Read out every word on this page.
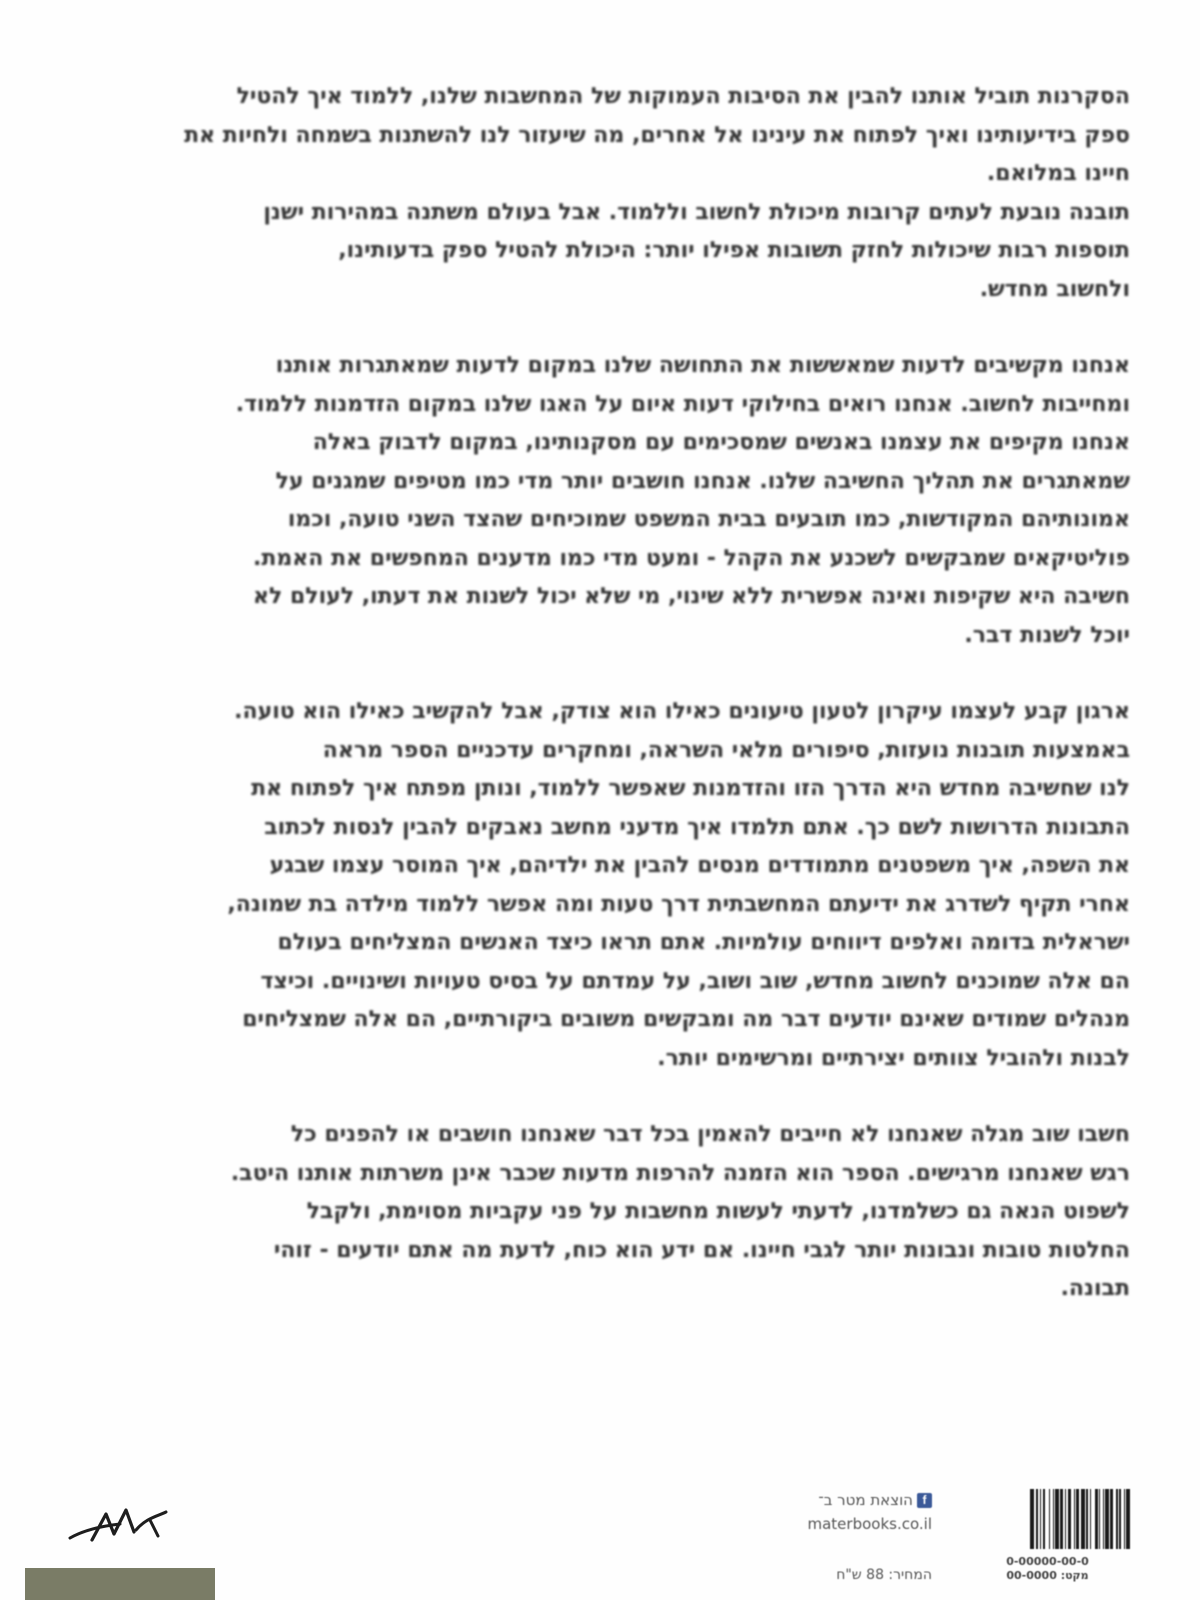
הסקרנות תוביל אותנו להבין את הסיבות העמוקות של המחשבות שלנו, ללמוד איך להטיל
ספק בידיעותינו ואיך לפתוח את עינינו אל אחרים, מה שיעזור לנו להשתנות בשמחה ולחיות את
חיינו במלואם.
תובנה נובעת לעתים קרובות מיכולת לחשוב וללמוד. אבל בעולם משתנה במהירות ישנן
תוספות רבות שיכולות לחזק תשובות אפילו יותר: היכולת להטיל ספק בדעותינו,
ולחשוב מחדש.
אנחנו מקשיבים לדעות שמאששות את התחושה שלנו במקום לדעות שמאתגרות אותנו
ומחייבות לחשוב. אנחנו רואים בחילוקי דעות איום על האגו שלנו במקום הזדמנות ללמוד.
אנחנו מקיפים את עצמנו באנשים שמסכימים עם מסקנותינו, במקום לדבוק באלה
שמאתגרים את תהליך החשיבה שלנו. אנחנו חושבים יותר מדי כמו מטיפים שמגנים על
אמונותיהם המקודשות, כמו תובעים בבית המשפט שמוכיחים שהצד השני טועה, וכמו
פוליטיקאים שמבקשים לשכנע את הקהל - ומעט מדי כמו מדענים המחפשים את האמת.
חשיבה היא שקיפות ואינה אפשרית ללא שינוי, מי שלא יכול לשנות את דעתו, לעולם לא
יוכל לשנות דבר.
ארגון קבע לעצמו עיקרון לטעון טיעונים כאילו הוא צודק, אבל להקשיב כאילו הוא טועה.
באמצעות תובנות נועזות, סיפורים מלאי השראה, ומחקרים עדכניים הספר מראה
לנו שחשיבה מחדש היא הדרך הזו והזדמנות שאפשר ללמוד, ונותן מפתח איך לפתוח את
התבונות הדרושות לשם כך. אתם תלמדו איך מדעני מחשב נאבקים להבין לנסות לכתוב
את השפה, איך משפטנים מתמודדים מנסים להבין את ילדיהם, איך המוסר עצמו שבגע
אחרי תקיף לשדרג את ידיעתם המחשבתית דרך טעות ומה אפשר ללמוד מילדה בת שמונה,
ישראלית בדומה ואלפים דיווחים עולמיות. אתם תראו כיצד האנשים המצליחים בעולם
הם אלה שמוכנים לחשוב מחדש, שוב ושוב, על עמדתם על בסיס טעויות ושינויים. וכיצד
מנהלים שמודים שאינם יודעים דבר מה ומבקשים משובים ביקורתיים, הם אלה שמצליחים
לבנות ולהוביל צוותים יצירתיים ומרשימים יותר.
חשבו שוב מגלה שאנחנו לא חייבים להאמין בכל דבר שאנחנו חושבים או להפנים כל
רגש שאנחנו מרגישים. הספר הוא הזמנה להרפות מדעות שכבר אינן משרתות אותנו היטב.
לשפוט הנאה גם כשלמדנו, לדעתי לעשות מחשבות על פני עקביות מסוימת, ולקבל
החלטות טובות ונבונות יותר לגבי חיינו. אם ידע הוא כוח, לדעת מה אתם יודעים - זוהי
תבונה.
0-00000-00-0
מקט: 00-0000
f
הוצאת מטר ב־
materbooks.co.il
המחיר: 88 ש"ח
